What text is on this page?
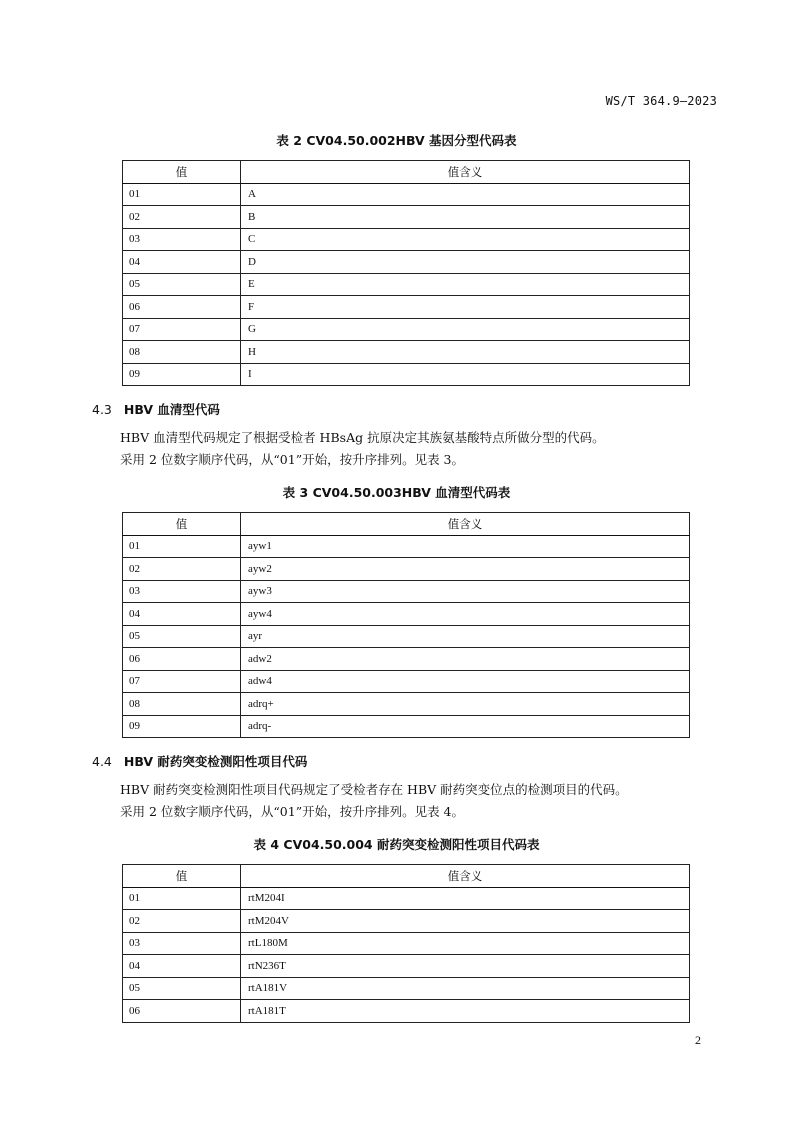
WS/T 364.9—2023
表 2 CV04.50.002HBV 基因分型代码表
值	值含义
01	A
02	B
03	C
04	D
05	E
06	F
07	G
08	H
09	I
4.3 HBV 血清型代码
HBV 血清型代码规定了根据受检者 HBsAg 抗原决定其族氨基酸特点所做分型的代码。
采用 2 位数字顺序代码，从“01”开始，按升序排列。见表 3。
表 3 CV04.50.003HBV 血清型代码表
值	值含义
01	ayw1
02	ayw2
03	ayw3
04	ayw4
05	ayr
06	adw2
07	adw4
08	adrq+
09	adrq-
4.4 HBV 耐药突变检测阳性项目代码
HBV 耐药突变检测阳性项目代码规定了受检者存在 HBV 耐药突变位点的检测项目的代码。
采用 2 位数字顺序代码，从“01”开始，按升序排列。见表 4。
表 4 CV04.50.004 耐药突变检测阳性项目代码表
值	值含义
01	rtM204I
02	rtM204V
03	rtL180M
04	rtN236T
05	rtA181V
06	rtA181T
2
